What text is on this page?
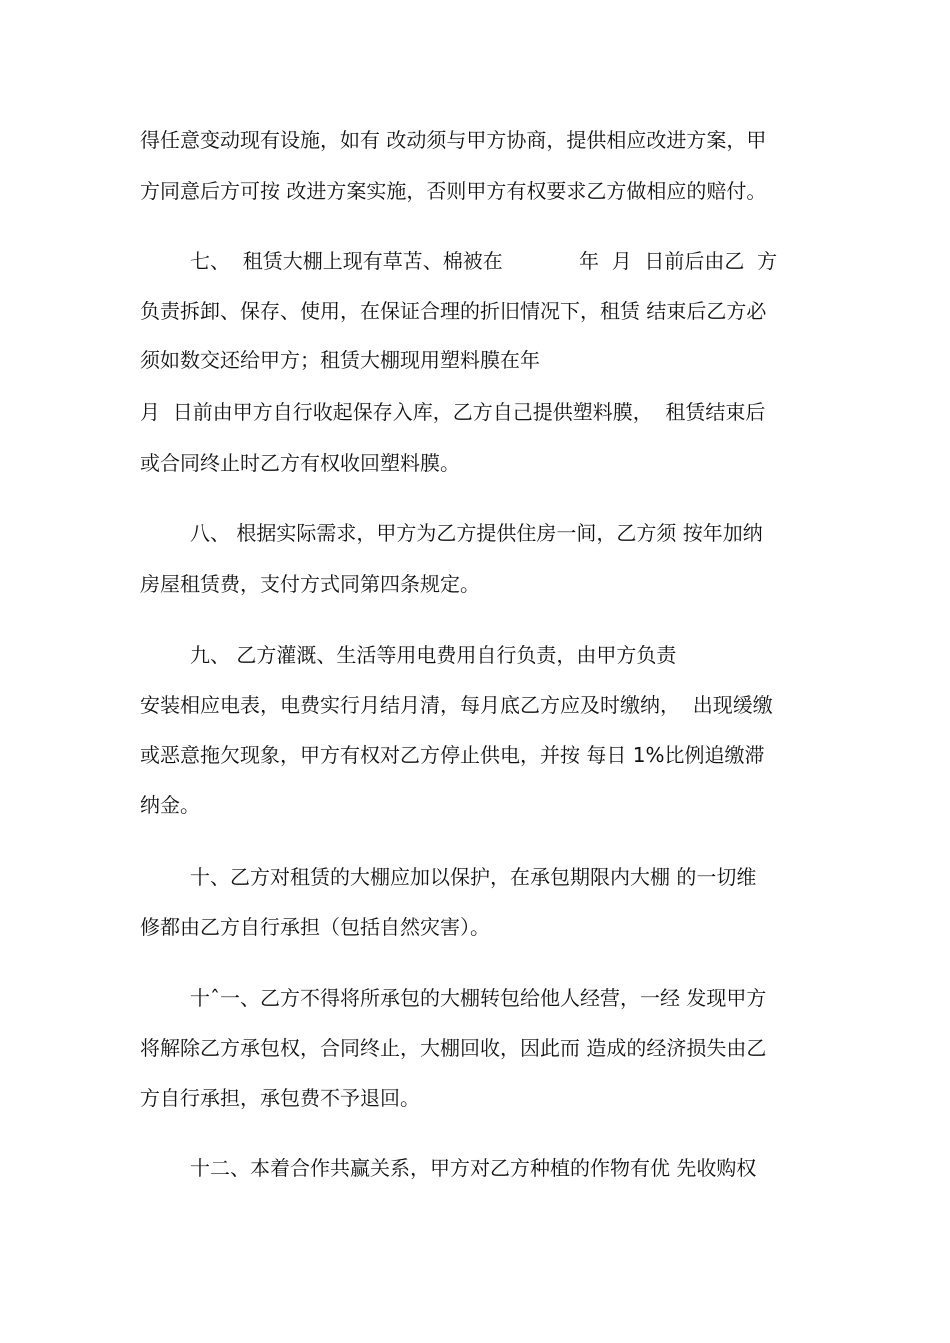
得任意变动现有设施，如有 改动须与甲方协商，提供相应改进方案，甲
方同意后方可按 改进方案实施，否则甲方有权要求乙方做相应的赔付。
七、  租赁大棚上现有草苫、棉被在            年  月  日前后由乙  方
负责拆卸、保存、使用，在保证合理的折旧情况下，租赁 结束后乙方必
须如数交还给甲方；租赁大棚现用塑料膜在年
月  日前由甲方自行收起保存入库，乙方自己提供塑料膜，  租赁结束后
或合同终止时乙方有权收回塑料膜。
八、 根据实际需求，甲方为乙方提供住房一间，乙方须 按年加纳
房屋租赁费，支付方式同第四条规定。
九、 乙方灌溉、生活等用电费用自行负责，由甲方负责
安装相应电表，电费实行月结月清，每月底乙方应及时缴纳，  出现缓缴
或恶意拖欠现象，甲方有权对乙方停止供电，并按 每日 1%比例追缴滞
纳金。
十、乙方对租赁的大棚应加以保护，在承包期限内大棚 的一切维
修都由乙方自行承担（包括自然灾害）。
十ˆ一、乙方不得将所承包的大棚转包给他人经营，一经 发现甲方
将解除乙方承包权，合同终止，大棚回收，因此而 造成的经济损失由乙
方自行承担，承包费不予退回。
十二、本着合作共赢关系，甲方对乙方种植的作物有优 先收购权
